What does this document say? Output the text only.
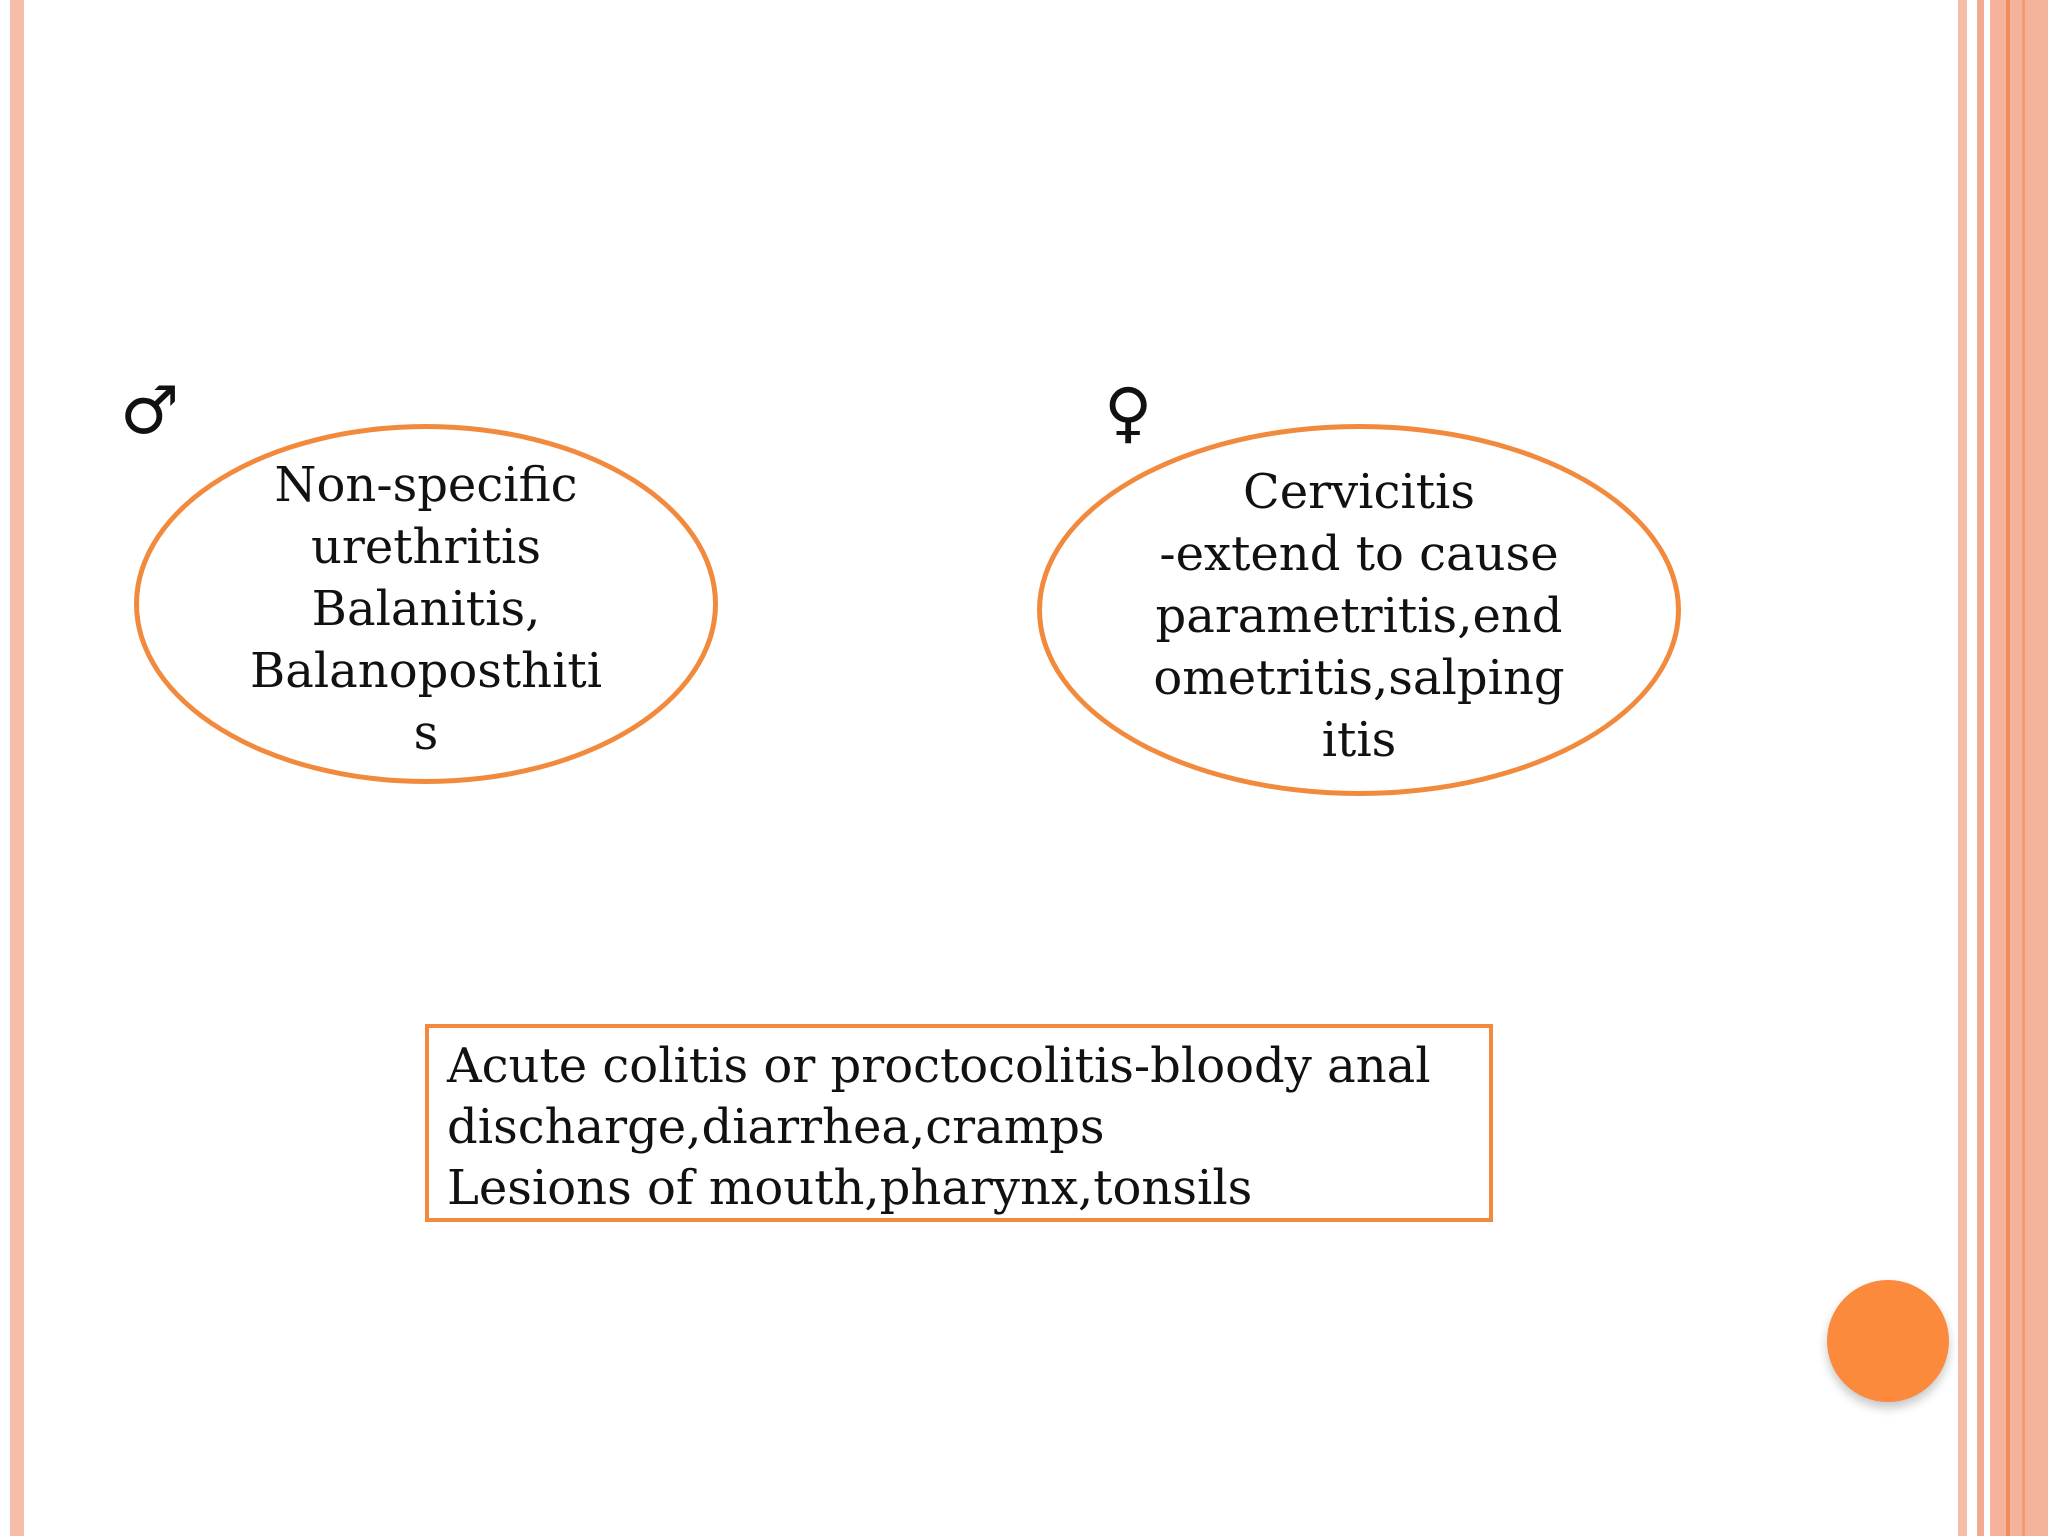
♂
Non-specific
urethritis
Balanitis,
Balanoposthiti
s
♀
Cervicitis
-extend to cause
parametritis,end
ometritis,salping
itis
Acute colitis or proctocolitis-bloody anal
discharge,diarrhea,cramps
Lesions of mouth,pharynx,tonsils
